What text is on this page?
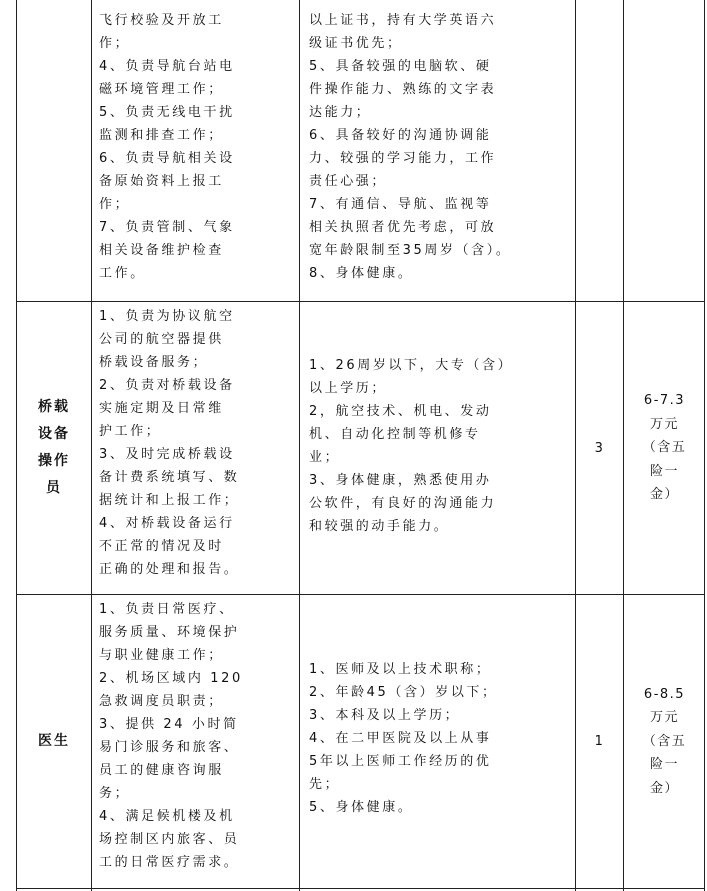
飞行校验及开放工

作；

4、负责导航台站电

磁环境管理工作；

5、负责无线电干扰

监测和排查工作；

6、负责导航相关设

备原始资料上报工

作；

7、负责管制、气象

相关设备维护检查

工作。

以上证书，持有大学英语六

级证书优先；

5、具备较强的电脑软、硬

件操作能力、熟练的文字表

达能力；

6、具备较好的沟通协调能

力、较强的学习能力，工作

责任心强；

7、有通信、导航、监视等

相关执照者优先考虑，可放

宽年龄限制至35周岁（含）。

8、身体健康。

桥载

设备

操作

员

1、负责为协议航空

公司的航空器提供

桥载设备服务；

2、负责对桥载设备

实施定期及日常维

护工作；

3、及时完成桥载设

备计费系统填写、数

据统计和上报工作；

4、对桥载设备运行

不正常的情况及时

正确的处理和报告。

1、26周岁以下，大专（含）

以上学历；

2，航空技术、机电、发动

机、自动化控制等机修专

业；

3、身体健康，熟悉使用办

公软件，有良好的沟通能力

和较强的动手能力。

3

6-7.3

万元

（含五

险一

金）

医生

1、负责日常医疗、

服务质量、环境保护

与职业健康工作；

2、机场区域内 120

急救调度员职责；

3、提供 24 小时简

易门诊服务和旅客、

员工的健康咨询服

务；

4、满足候机楼及机

场控制区内旅客、员

工的日常医疗需求。

1、医师及以上技术职称；

2、年龄45（含）岁以下；

3、本科及以上学历；

4、在二甲医院及以上从事

5年以上医师工作经历的优

先；

5、身体健康。

1

6-8.5

万元

（含五

险一

金）
